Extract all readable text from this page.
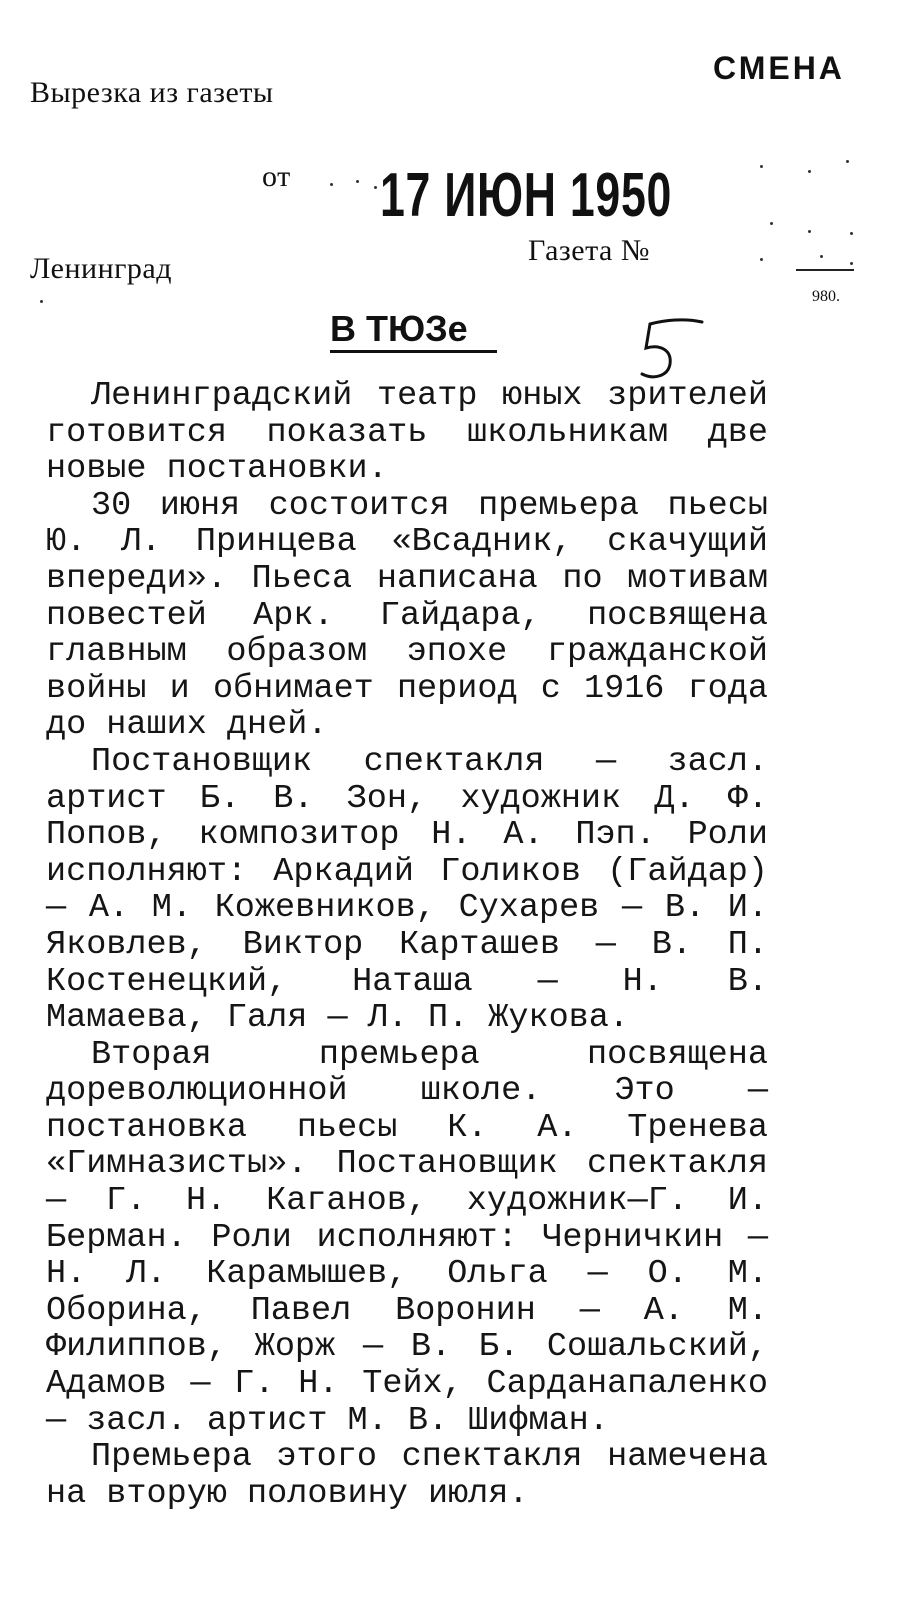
Вырезка из газеты
СМЕНА
от 17 ИЮН 1950
Ленинград
Газета №
980.
В ТЮЗе

Ленинградский театр юных зрителей готовится показать школьникам две новые постановки.

30 июня состоится премьера пьесы Ю. Л. Принцева «Всадник, скачущий впереди». Пьеса написана по мотивам повестей Арк. Гайдара, посвящена главным образом эпохе гражданской войны и обнимает период с 1916 года до наших дней.

Постановщик спектакля — засл. артист Б. В. Зон, художник Д. Ф. Попов, композитор Н. А. Пэп. Роли исполняют: Аркадий Голиков (Гайдар) — А. М. Кожевников, Сухарев — В. И. Яковлев, Виктор Карташев — В. П. Костенецкий, Наташа — Н. В. Мамаева, Галя — Л. П. Жукова.

Вторая премьера посвящена дореволюционной школе. Это — постановка пьесы К. А. Тренева «Гимназисты». Постановщик спектакля — Г. Н. Каганов, художник—Г. И. Берман. Роли исполняют: Черничкин — Н. Л. Карамышев, Ольга — О. М. Оборина, Павел Воронин — А. М. Филиппов, Жорж — В. Б. Сошальский, Адамов — Г. Н. Тейх, Сарданапаленко — засл. артист М. В. Шифман.

Премьера этого спектакля намечена на вторую половину июля.
